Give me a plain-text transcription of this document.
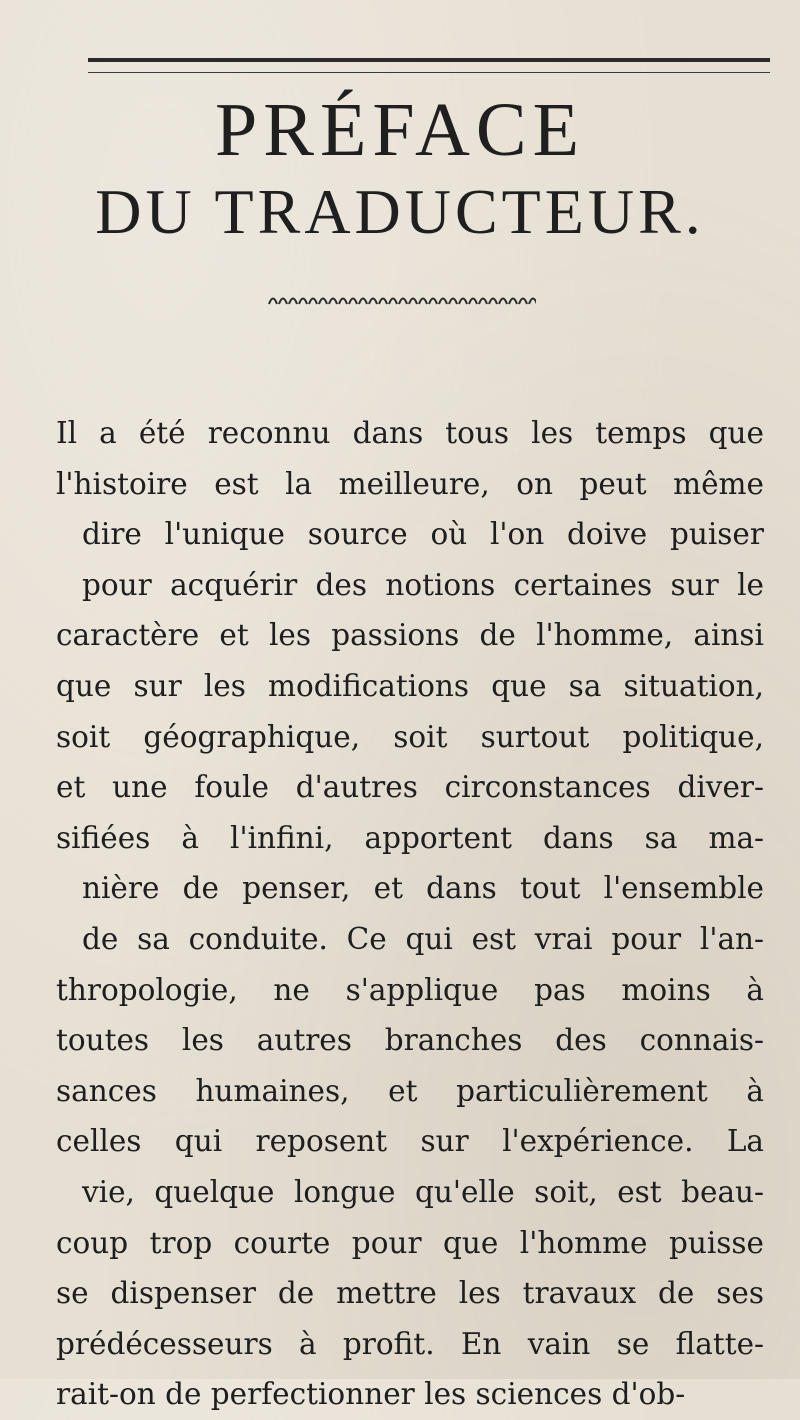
PRÉFACE
DU TRADUCTEUR.
Il a été reconnu dans tous les temps que
l'histoire est la meilleure, on peut même
dire l'unique source où l'on doive puiser
pour acquérir des notions certaines sur le
caractère et les passions de l'homme, ainsi
que sur les modifications que sa situation,
soit géographique, soit surtout politique,
et une foule d'autres circonstances diver-
sifiées à l'infini, apportent dans sa ma-
nière de penser, et dans tout l'ensemble
de sa conduite. Ce qui est vrai pour l'an-
thropologie, ne s'applique pas moins à
toutes les autres branches des connais-
sances humaines, et particulièrement à
celles qui reposent sur l'expérience. La
vie, quelque longue qu'elle soit, est beau-
coup trop courte pour que l'homme puisse
se dispenser de mettre les travaux de ses
prédécesseurs à profit. En vain se flatte-
rait-on de perfectionner les sciences d'ob-
